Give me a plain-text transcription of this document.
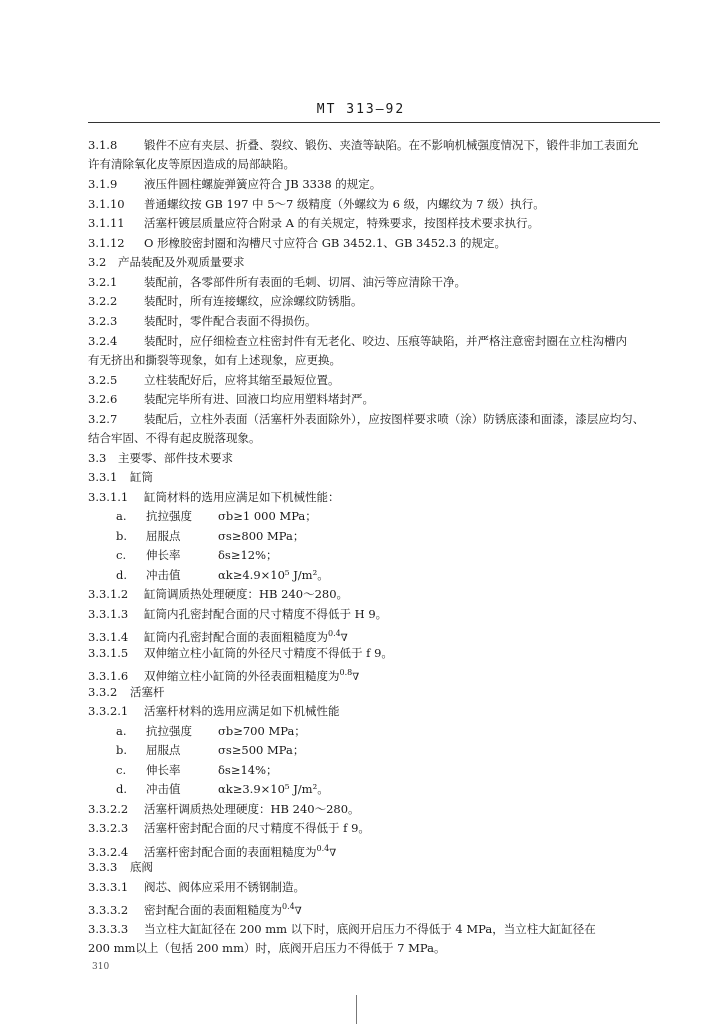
MT 313—92
3.1.8 锻件不应有夹层、折叠、裂纹、锻伤、夹渣等缺陷。在不影响机械强度情况下，锻件非加工表面允
许有清除氧化皮等原因造成的局部缺陷。
3.1.9 液压件圆柱螺旋弹簧应符合 JB 3338 的规定。
3.1.10 普通螺纹按 GB 197 中 5～7 级精度（外螺纹为 6 级，内螺纹为 7 级）执行。
3.1.11 活塞杆镀层质量应符合附录 A 的有关规定，特殊要求，按图样技术要求执行。
3.1.12 O 形橡胶密封圈和沟槽尺寸应符合 GB 3452.1、GB 3452.3 的规定。
3.2 产品装配及外观质量要求
3.2.1 装配前，各零部件所有表面的毛刺、切屑、油污等应清除干净。
3.2.2 装配时，所有连接螺纹，应涂螺纹防锈脂。
3.2.3 装配时，零件配合表面不得损伤。
3.2.4 装配时，应仔细检查立柱密封件有无老化、咬边、压痕等缺陷，并严格注意密封圈在立柱沟槽内
有无挤出和撕裂等现象，如有上述现象，应更换。
3.2.5 立柱装配好后，应将其缩至最短位置。
3.2.6 装配完毕所有进、回液口均应用塑料堵封严。
3.2.7 装配后，立柱外表面（活塞杆外表面除外），应按图样要求喷（涂）防锈底漆和面漆，漆层应均匀、
结合牢固、不得有起皮脱落现象。
3.3 主要零、部件技术要求
3.3.1 缸筒
3.3.1.1 缸筒材料的选用应满足如下机械性能：
a. 抗拉强度 σb≥1 000 MPa；
b. 屈服点	σs≥800 MPa；
c. 伸长率	δs≥12%；
d. 冲击值	αk≥4.9×10⁵ J/m²。
3.3.1.2 缸筒调质热处理硬度：HB 240～280。
3.3.1.3 缸筒内孔密封配合面的尺寸精度不得低于 H 9。
3.3.1.4 缸筒内孔密封配合面的表面粗糙度为$^{0.4}$∇
3.3.1.5 双伸缩立柱小缸筒的外径尺寸精度不得低于 f 9。
3.3.1.6 双伸缩立柱小缸筒的外径表面粗糙度为$^{0.8}$∇
3.3.2 活塞杆
3.3.2.1 活塞杆材料的选用应满足如下机械性能
a. 抗拉强度 σb≥700 MPa；
b. 屈服点	σs≥500 MPa；
c. 伸长率	δs≥14%；
d. 冲击值	αk≥3.9×10⁵ J/m²。
3.3.2.2 活塞杆调质热处理硬度：HB 240～280。
3.3.2.3 活塞杆密封配合面的尺寸精度不得低于 f 9。
3.3.2.4 活塞杆密封配合面的表面粗糙度为$^{0.4}$∇
3.3.3 底阀
3.3.3.1 阀芯、阀体应采用不锈钢制造。
3.3.3.2 密封配合面的表面粗糙度为$^{0.4}$∇
3.3.3.3 当立柱大缸缸径在 200 mm 以下时，底阀开启压力不得低于 4 MPa，当立柱大缸缸径在
200 mm以上（包括 200 mm）时，底阀开启压力不得低于 7 MPa。
310
